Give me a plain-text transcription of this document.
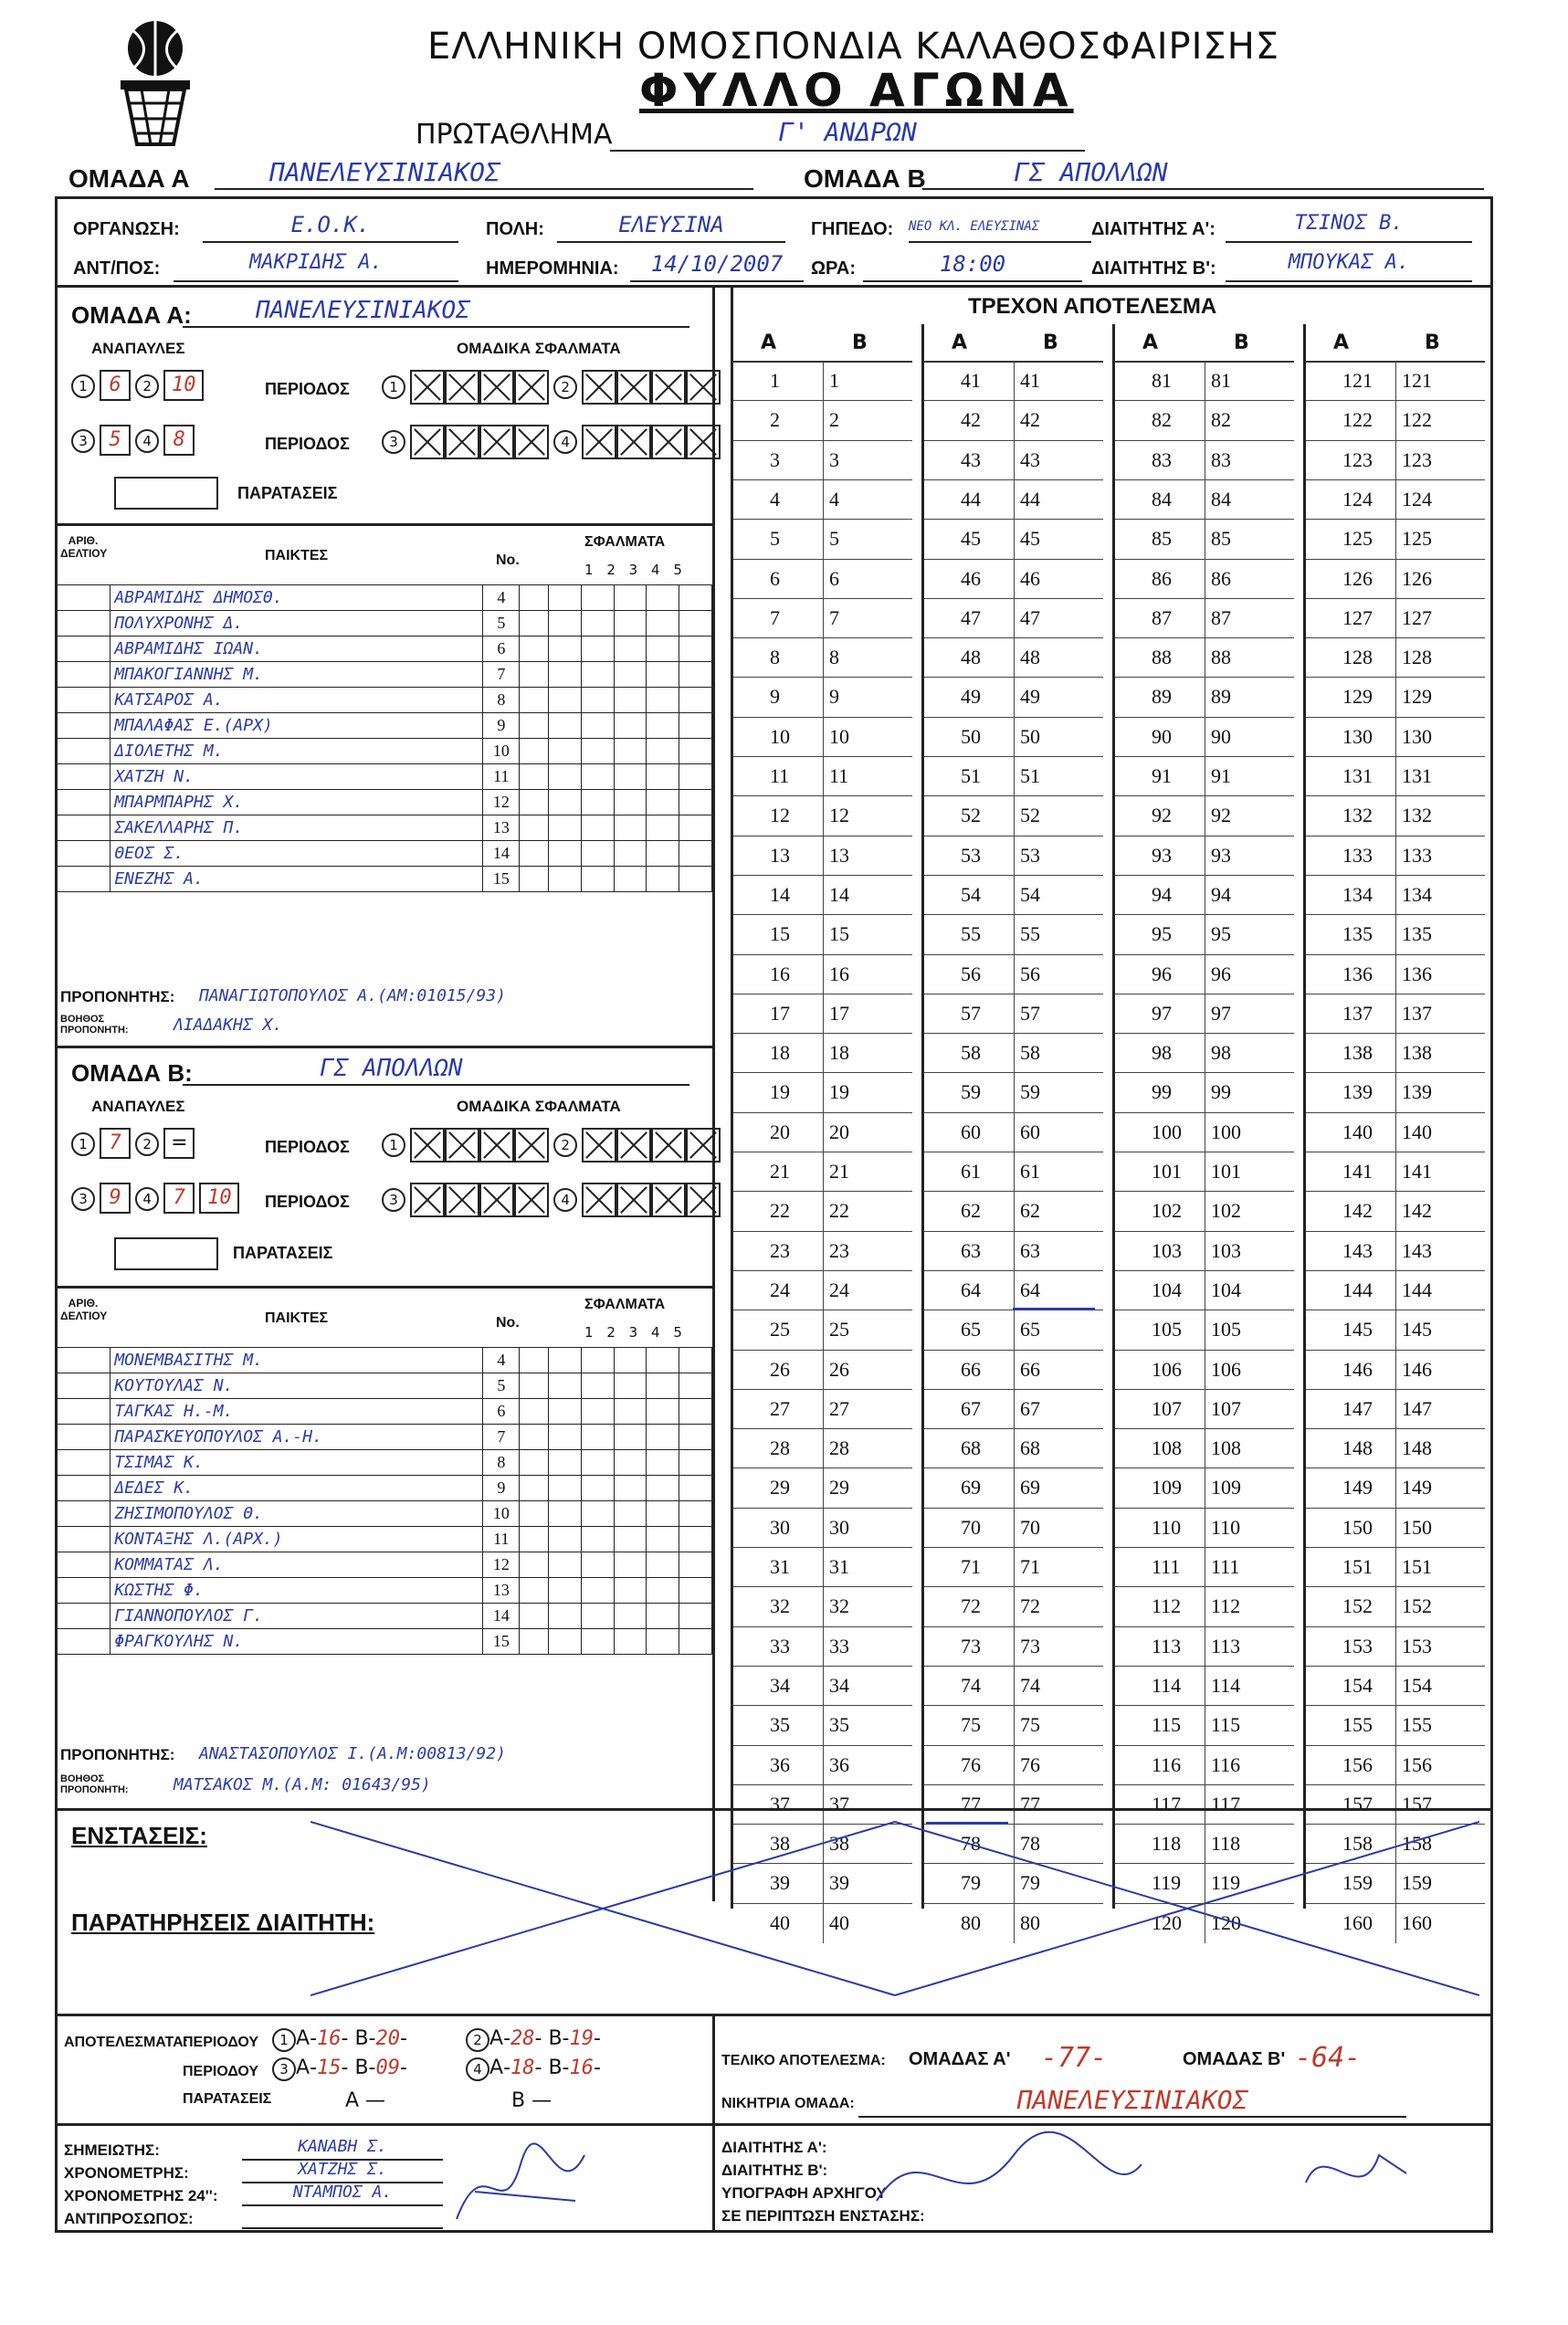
ΕΛΛΗΝΙΚΗ ΟΜΟΣΠΟΝΔΙΑ ΚΑΛΑΘΟΣΦΑΙΡΙΣΗΣ
ΦΥΛΛΟ ΑΓΩΝΑ
ΠΡΩΤΑΘΛΗΜΑ	Γ' ΑΝΔΡΩΝ
ΟΜΑΔΑ Α	ΠΑΝΕΛΕΥΣΙΝΙΑΚΟΣ	ΟΜΑΔΑ Β	ΓΣ ΑΠΟΛΛΩΝ
ΟΡΓΑΝΩΣΗ:	Ε.Ο.Κ.	ΠΟΛΗ:	ΕΛΕΥΣΙΝΑ	ΓΗΠΕΔΟ: ΝΕΟ ΚΛ. ΕΛΕΥΣΙΝΑΣ	ΔΙΑΙΤΗΤΗΣ Α':	ΤΣΙΝΟΣ Β.
ΑΝΤ/ΠΟΣ:	ΜΑΚΡΙΔΗΣ Α.	ΗΜΕΡΟΜΗΝΙΑ:	14/10/2007	ΩΡΑ:	18:00	ΔΙΑΙΤΗΤΗΣ Β':	ΜΠΟΥΚΑΣ Α.
ΟΜΑΔΑ Α:	ΠΑΝΕΛΕΥΣΙΝΙΑΚΟΣ
ΑΝΑΠΑΥΛΕΣ	ΟΜΑΔΙΚΑ ΣΦΑΛΜΑΤΑ
1 6 2 10
3 5 4 8
ΠΕΡΙΟΔΟΣ	1	2
ΠΕΡΙΟΔΟΣ	3	4
ΠΑΡΑΤΑΣΕΙΣ
ΑΡΙΘ. ΔΕΛΤΙΟΥ	ΠΑΙΚΤΕΣ	No.
ΣΦΑΛΜΑΤΑ
1 2 3 4 5
	ΑΒΡΑΜΙΔΗΣ ΔΗΜΟΣΘ.	4						
	ΠΟΛΥΧΡΟΝΗΣ Δ.	5						
	ΑΒΡΑΜΙΔΗΣ ΙΩΑΝ.	6						
	ΜΠΑΚΟΓΙΑΝΝΗΣ Μ.	7						
	ΚΑΤΣΑΡΟΣ Α.	8						
	ΜΠΑΛΑΦΑΣ Ε.(ΑΡΧ)	9						
	ΔΙΟΛΕΤΗΣ Μ.	10						
	ΧΑΤΖΗ Ν.	11						
	ΜΠΑΡΜΠΑΡΗΣ Χ.	12						
	ΣΑΚΕΛΛΑΡΗΣ Π.	13						
	ΘΕΟΣ Σ.	14						
	ΕΝΕΖΗΣ Α.	15						
ΠΡΟΠΟΝΗΤΗΣ: ΠΑΝΑΓΙΩΤΟΠΟΥΛΟΣ Α.(ΑΜ:01015/93)
ΒΟΗΘΟΣ ΠΡΟΠΟΝΗΤΗ:	ΛΙΑΔΑΚΗΣ Χ.
ΟΜΑΔΑ Β:	ΓΣ ΑΠΟΛΛΩΝ
ΑΝΑΠΑΥΛΕΣ	ΟΜΑΔΙΚΑ ΣΦΑΛΜΑΤΑ
1 7 2 =
3 9 4 7 10
ΠΕΡΙΟΔΟΣ	1	2
ΠΕΡΙΟΔΟΣ	3	4
ΠΑΡΑΤΑΣΕΙΣ
ΑΡΙΘ. ΔΕΛΤΙΟΥ	ΠΑΙΚΤΕΣ	No.
ΣΦΑΛΜΑΤΑ
1 2 3 4 5
	ΜΟΝΕΜΒΑΣΙΤΗΣ Μ.	4						
	ΚΟΥΤΟΥΛΑΣ Ν.	5						
	ΤΑΓΚΑΣ Η.-Μ.	6						
	ΠΑΡΑΣΚΕΥΟΠΟΥΛΟΣ Α.-Η.	7						
	ΤΣΙΜΑΣ Κ.	8						
	ΔΕΔΕΣ Κ.	9						
	ΖΗΣΙΜΟΠΟΥΛΟΣ Θ.	10						
	ΚΟΝΤΑΞΗΣ Λ.(ΑΡΧ.)	11						
	ΚΟΜΜΑΤΑΣ Λ.	12						
	ΚΩΣΤΗΣ Φ.	13						
	ΓΙΑΝΝΟΠΟΥΛΟΣ Γ.	14						
	ΦΡΑΓΚΟΥΛΗΣ Ν.	15						
ΠΡΟΠΟΝΗΤΗΣ: ΑΝΑΣΤΑΣΟΠΟΥΛΟΣ Ι.(Α.Μ:00813/92)
ΒΟΗΘΟΣ ΠΡΟΠΟΝΗΤΗ:	ΜΑΤΣΑΚΟΣ Μ.(Α.Μ: 01643/95)
ΤΡΕΧΟΝ ΑΠΟΤΕΛΕΣΜΑ
Α	Β
1 1
2 2
3 3
4 4
5 5
6 6
7 7
8 8
9 9
10 10
11 11
12 12
13 13
14 14
15 15
16 16
17 17
18 18
19 19
20 20
21 21
22 22
23 23
24 24
25 25
26 26
27 27
28 28
29 29
30 30
31 31
32 32
33 33
34 34
35 35
36 36
37 37
38 38
39 39
40 40
Α	Β
41 41
42 42
43 43
44 44
45 45
46 46
47 47
48 48
49 49
50 50
51 51
52 52
53 53
54 54
55 55
56 56
57 57
58 58
59 59
60 60
61 61
62 62
63 63
64 64
65 65
66 66
67 67
68 68
69 69
70 70
71 71
72 72
73 73
74 74
75 75
76 76
77 77
78 78
79 79
80 80
Α	Β
81 81
82 82
83 83
84 84
85 85
86 86
87 87
88 88
89 89
90 90
91 91
92 92
93 93
94 94
95 95
96 96
97 97
98 98
99 99
100 100
101 101
102 102
103 103
104 104
105 105
106 106
107 107
108 108
109 109
110 110
111 111
112 112
113 113
114 114
115 115
116 116
117 117
118 118
119 119
120 120
Α	Β
121 121
122 122
123 123
124 124
125 125
126 126
127 127
128 128
129 129
130 130
131 131
132 132
133 133
134 134
135 135
136 136
137 137
138 138
139 139
140 140
141 141
142 142
143 143
144 144
145 145
146 146
147 147
148 148
149 149
150 150
151 151
152 152
153 153
154 154
155 155
156 156
157 157
158 158
159 159
160 160
ΕΝΣΤΑΣΕΙΣ:
ΠΑΡΑΤΗΡΗΣΕΙΣ ΔΙΑΙΤΗΤΗ:
ΑΠΟΤΕΛΕΣΜΑΤΑ:
ΠΕΡΙΟΔΟΥ	1 Α-16- Β-20-	2 Α-28- Β-19-
ΠΕΡΙΟΔΟΥ	3 Α-15- Β-09-	4 Α-18- Β-16-
ΠΑΡΑΤΑΣΕΙΣ	Α —	Β —
ΤΕΛΙΚΟ ΑΠΟΤΕΛΕΣΜΑ: ΟΜΑΔΑΣ Α' -77-	ΟΜΑΔΑΣ Β' -64-
ΝΙΚΗΤΡΙΑ ΟΜΑΔΑ:	ΠΑΝΕΛΕΥΣΙΝΙΑΚΟΣ
ΣΗΜΕΙΩΤΗΣ:	ΚΑΝΑΒΗ Σ.
ΧΡΟΝΟΜΕΤΡΗΣ:	ΧΑΤΖΗΣ Σ.
ΧΡΟΝΟΜΕΤΡΗΣ 24'':	ΝΤΑΜΠΟΣ Α.
ΑΝΤΙΠΡΟΣΩΠΟΣ:
ΔΙΑΙΤΗΤΗΣ Α':
ΔΙΑΙΤΗΤΗΣ Β':
ΥΠΟΓΡΑΦΗ ΑΡΧΗΓΟΥ
ΣΕ ΠΕΡΙΠΤΩΣΗ ΕΝΣΤΑΣΗΣ:
